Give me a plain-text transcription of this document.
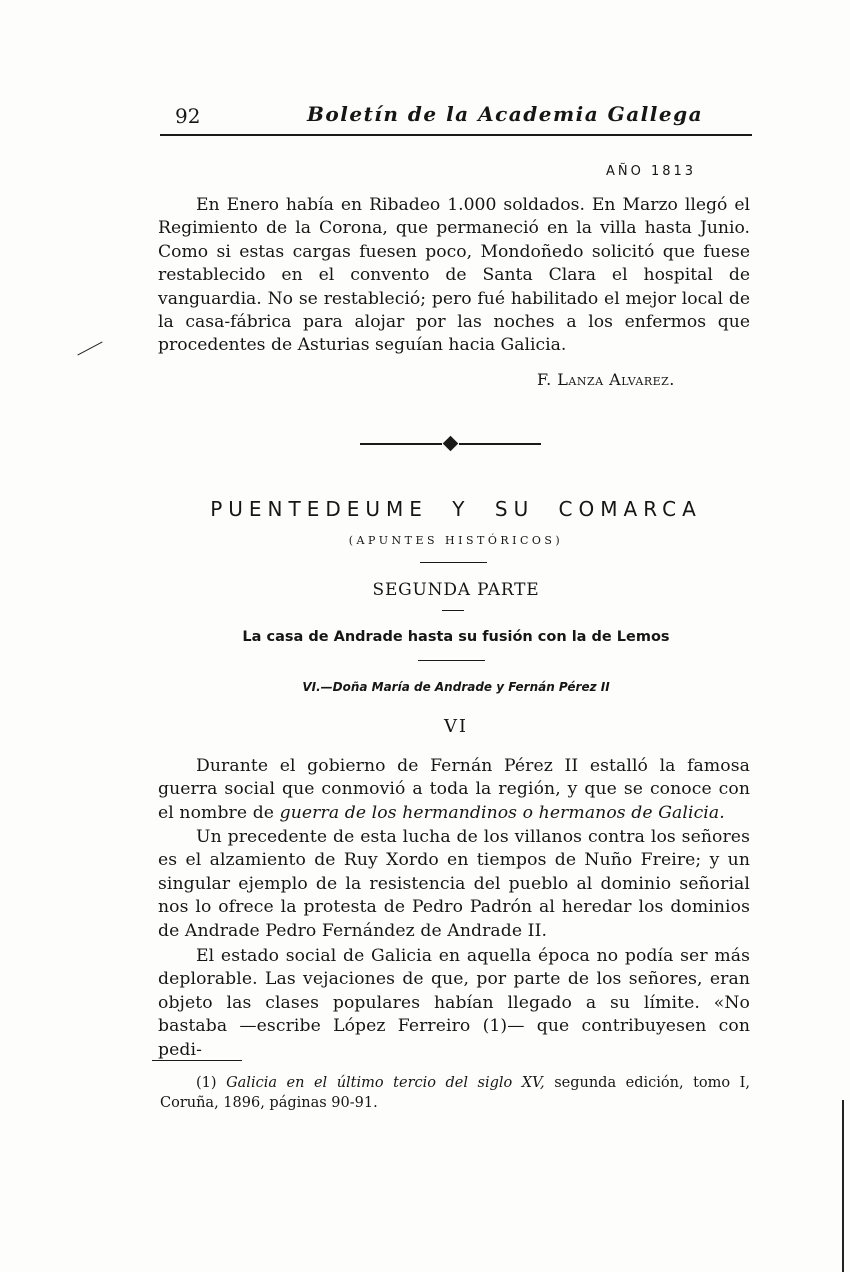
92	Boletín de la Academia Gallega
AÑO 1813

En Enero había en Ribadeo 1.000 soldados. En Marzo llegó el Regimiento de la Corona, que permaneció en la villa hasta Junio. Como si estas cargas fuesen poco, Mondoñedo solicitó que fuese restablecido en el convento de Santa Clara el hospital de vanguardia. No se restableció; pero fué habilitado el mejor local de la casa-fábrica para alojar por las noches a los enfermos que procedentes de Asturias seguían hacia Galicia.

F. Lanza Alvarez.
PUENTEDEUME Y SU COMARCA
(APUNTES HISTÓRICOS)
SEGUNDA PARTE
La casa de Andrade hasta su fusión con la de Lemos
VI.—Doña María de Andrade y Fernán Pérez II
VI

Durante el gobierno de Fernán Pérez II estalló la famosa guerra social que conmovió a toda la región, y que se conoce con el nombre de guerra de los hermandinos o hermanos de Galicia.

Un precedente de esta lucha de los villanos contra los señores es el alzamiento de Ruy Xordo en tiempos de Nuño Freire; y un singular ejemplo de la resistencia del pueblo al dominio señorial nos lo ofrece la protesta de Pedro Padrón al heredar los dominios de Andrade Pedro Fernández de Andrade II.

El estado social de Galicia en aquella época no podía ser más deplorable. Las vejaciones de que, por parte de los señores, eran objeto las clases populares habían llegado a su límite. «No bastaba —escribe López Ferreiro (1)— que contribuyesen con pedi-

(1) Galicia en el último tercio del siglo XV, segunda edición, tomo I, Coruña, 1896, páginas 90-91.
